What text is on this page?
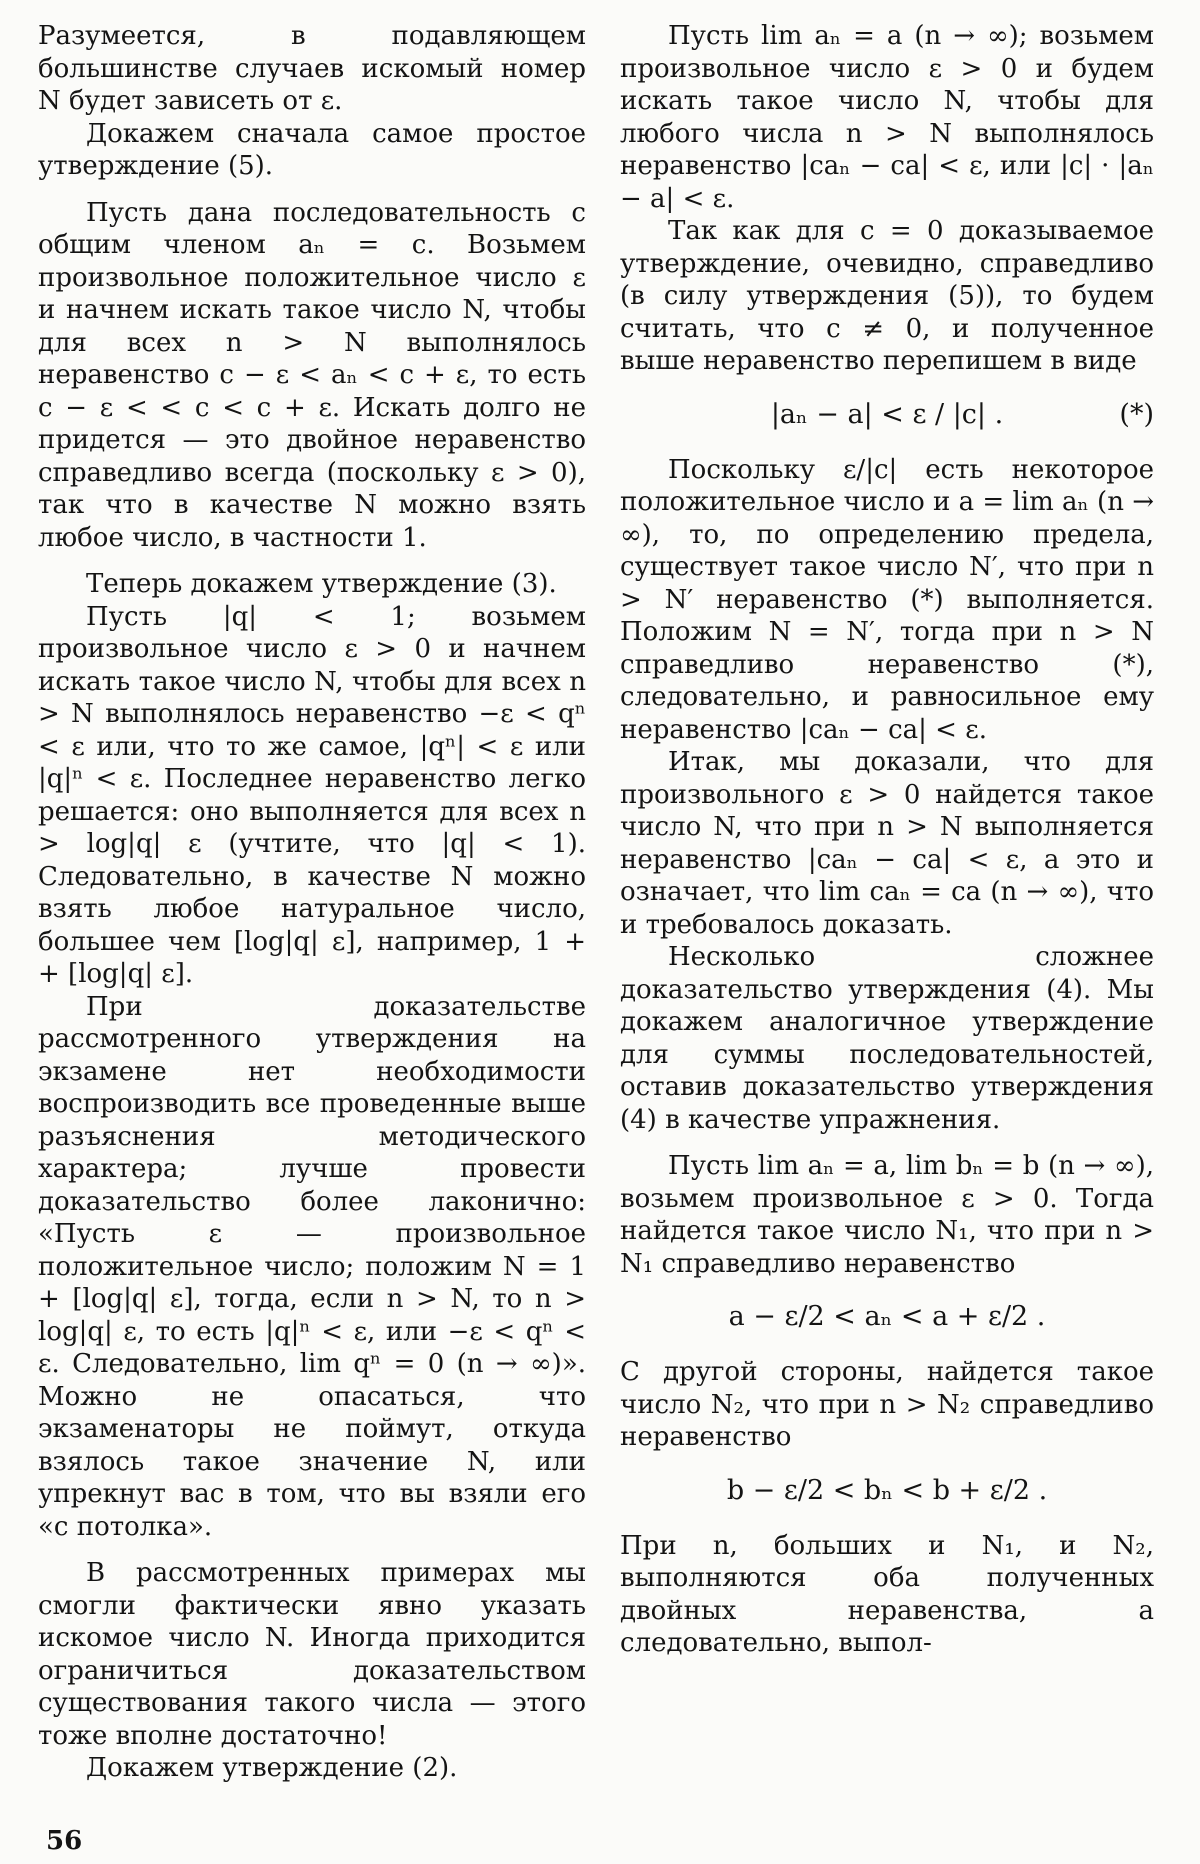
Разумеется, в подавляющем большинстве случаев искомый номер N будет зависеть от ε.

Докажем сначала самое простое утверждение (5).

Пусть дана последовательность с общим членом aₙ = c. Возьмем произвольное положительное число ε и начнем искать такое число N, чтобы для всех n > N выполнялось неравенство c − ε < aₙ < c + ε, то есть c − ε < < c < c + ε. Искать долго не придется — это двойное неравенство справедливо всегда (поскольку ε > 0), так что в качестве N можно взять любое число, в частности 1.

Теперь докажем утверждение (3).

Пусть |q| < 1; возьмем произвольное число ε > 0 и начнем искать такое число N, чтобы для всех n > N выполнялось неравенство −ε < qⁿ < ε или, что то же самое, |qⁿ| < ε или |q|ⁿ < ε. Последнее неравенство легко решается: оно выполняется для всех n > log|q| ε (учтите, что |q| < 1). Следовательно, в качестве N можно взять любое натуральное число, большее чем [log|q| ε], например, 1 + + [log|q| ε].

При доказательстве рассмотренного утверждения на экзамене нет необходимости воспроизводить все проведенные выше разъяснения методического характера; лучше провести доказательство более лаконично: «Пусть ε — произвольное положительное число; положим N = 1 + [log|q| ε], тогда, если n > N, то n > log|q| ε, то есть |q|ⁿ < ε, или −ε < qⁿ < ε. Следовательно, lim qⁿ = 0 (n → ∞)». Можно не опасаться, что экзаменаторы не поймут, откуда взялось такое значение N, или упрекнут вас в том, что вы взяли его «с потолка».

В рассмотренных примерах мы смогли фактически явно указать искомое число N. Иногда приходится ограничиться доказательством существования такого числа — этого тоже вполне достаточно!

Докажем утверждение (2).

Пусть lim aₙ = a (n → ∞); возьмем произвольное число ε > 0 и будем искать такое число N, чтобы для любого числа n > N выполнялось неравенство |caₙ − ca| < ε, или |c| · |aₙ − a| < ε.

Так как для c = 0 доказываемое утверждение, очевидно, справедливо (в силу утверждения (5)), то будем считать, что c ≠ 0, и полученное выше неравенство перепишем в виде

|aₙ − a| < ε / |c| .	(*)

Поскольку ε/|c| есть некоторое положительное число и a = lim aₙ (n → ∞), то, по определению предела, существует такое число N′, что при n > N′ неравенство (*) выполняется. Положим N = N′, тогда при n > N справедливо неравенство (*), следовательно, и равносильное ему неравенство |caₙ − ca| < ε.

Итак, мы доказали, что для произвольного ε > 0 найдется такое число N, что при n > N выполняется неравенство |caₙ − ca| < ε, а это и означает, что lim caₙ = ca (n → ∞), что и требовалось доказать.

Несколько сложнее доказательство утверждения (4). Мы докажем аналогичное утверждение для суммы последовательностей, оставив доказательство утверждения (4) в качестве упражнения.

Пусть lim aₙ = a, lim bₙ = b (n → ∞), возьмем произвольное ε > 0. Тогда найдется такое число N₁, что при n > N₁ справедливо неравенство

a − ε/2 < aₙ < a + ε/2 .

С другой стороны, найдется такое число N₂, что при n > N₂ справедливо неравенство

b − ε/2 < bₙ < b + ε/2 .

При n, больших и N₁, и N₂, выполняются оба полученных двойных неравенства, а следовательно, выпол-

56
